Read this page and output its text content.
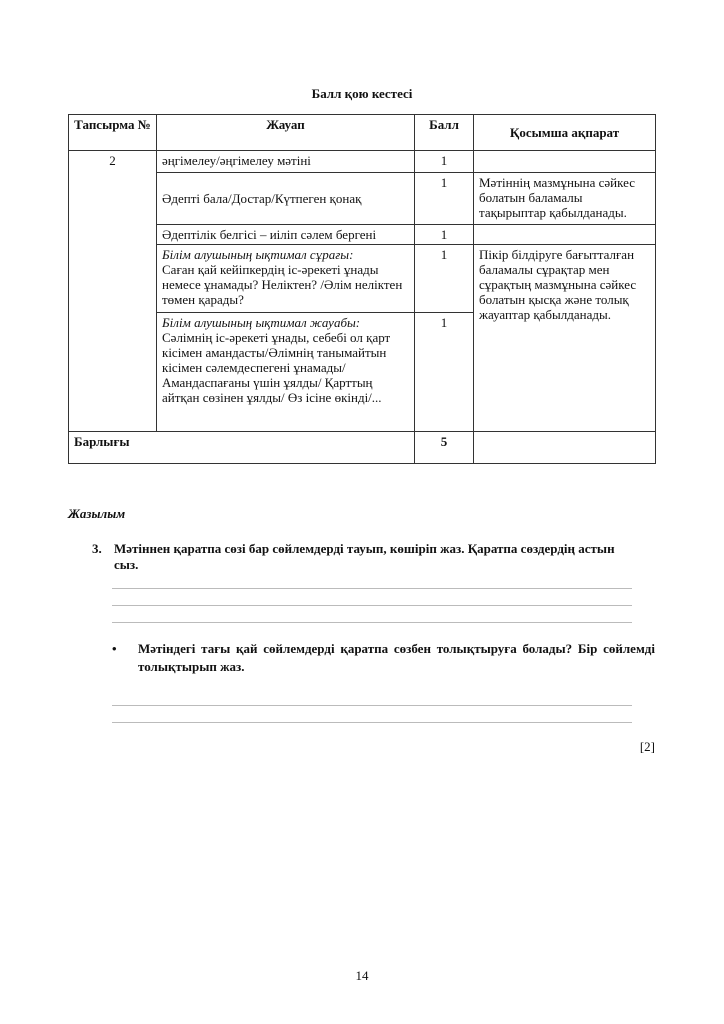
Балл қою кестесі
Тапсырма №	Жауап	Балл	Қосымша ақпарат
2	әңгімелеу/әңгімелеу мәтіні	1	
	Әдепті бала/Достар/Күтпеген қонақ	1	Мәтіннің мазмұнына сәйкес болатын баламалы тақырыптар қабылданады.
	Әдептілік белгісі – иіліп сәлем бергені	1	

	Білім алушының ықтимал сұрағы:
Саған қай кейіпкердің іс-әрекеті ұнады немесе ұнамады? Неліктен? /Әлім неліктен төмен қарады?	1	Пікір білдіруге бағытталған баламалы сұрақтар мен сұрақтың мазмұнына сәйкес болатын қысқа және толық жауаптар қабылданады.

	Білім алушының ықтимал жауабы:
Сәлімнің іс-әрекеті ұнады, себебі ол қарт кісімен амандасты/Әлімнің танымайтын кісімен сәлемдеспегені ұнамады/ Амандаспағаны үшін ұялды/ Қарттың айтқан сөзінен ұялды/ Өз ісіне өкінді/...	1	
Барлығы		5	
Жазылым
3. Мәтіннен қаратпа сөзі бар сөйлемдерді тауып, көшіріп жаз. Қаратпа сөздердің астын сыз.
• Мәтіндегі тағы қай сөйлемдерді қаратпа сөзбен толықтыруға болады? Бір сөйлемді толықтырып жаз.
[2]
14
